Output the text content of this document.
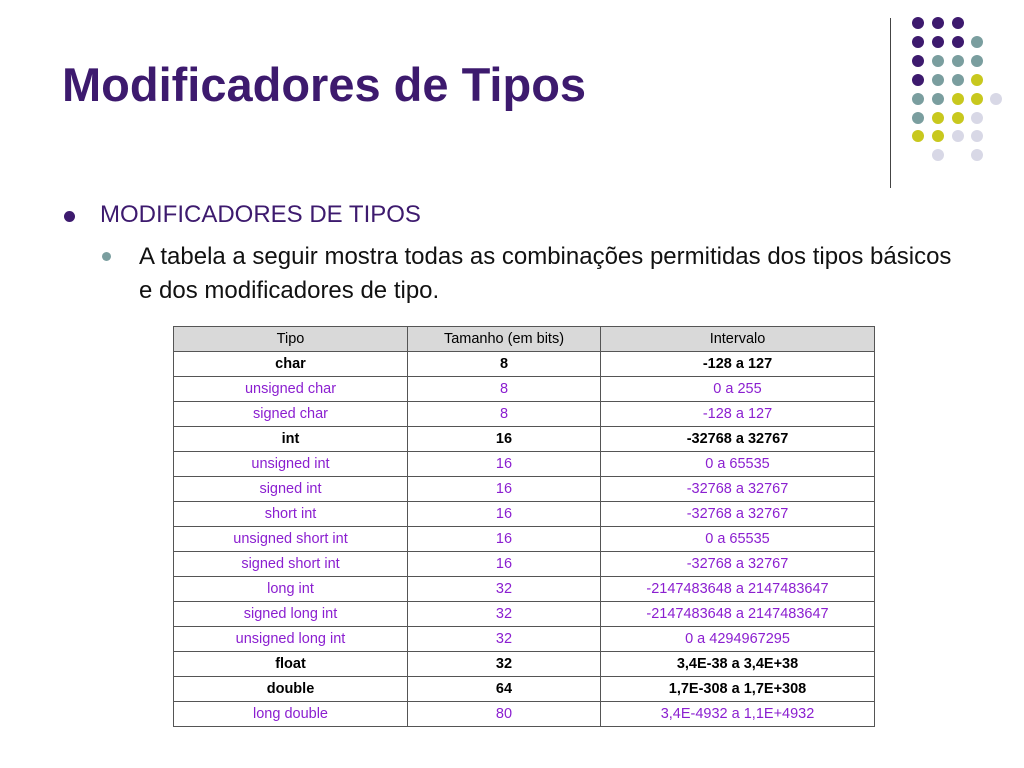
Modificadores de Tipos
MODIFICADORES DE TIPOS
A tabela a seguir mostra todas as combinações permitidas dos tipos básicos e dos modificadores de tipo.
Tipo	Tamanho (em bits)	Intervalo
char	8	-128 a 127
unsigned char	8	0 a 255
signed char	8	-128 a 127
int	16	-32768 a 32767
unsigned int	16	0 a 65535
signed int	16	-32768 a 32767
short int	16	-32768 a 32767
unsigned short int	16	0 a 65535
signed short int	16	-32768 a 32767
long int	32	-2147483648 a 2147483647
signed long int	32	-2147483648 a 2147483647
unsigned long int	32	0 a 4294967295
float	32	3,4E-38 a 3,4E+38
double	64	1,7E-308 a 1,7E+308
long double	80	3,4E-4932 a 1,1E+4932
